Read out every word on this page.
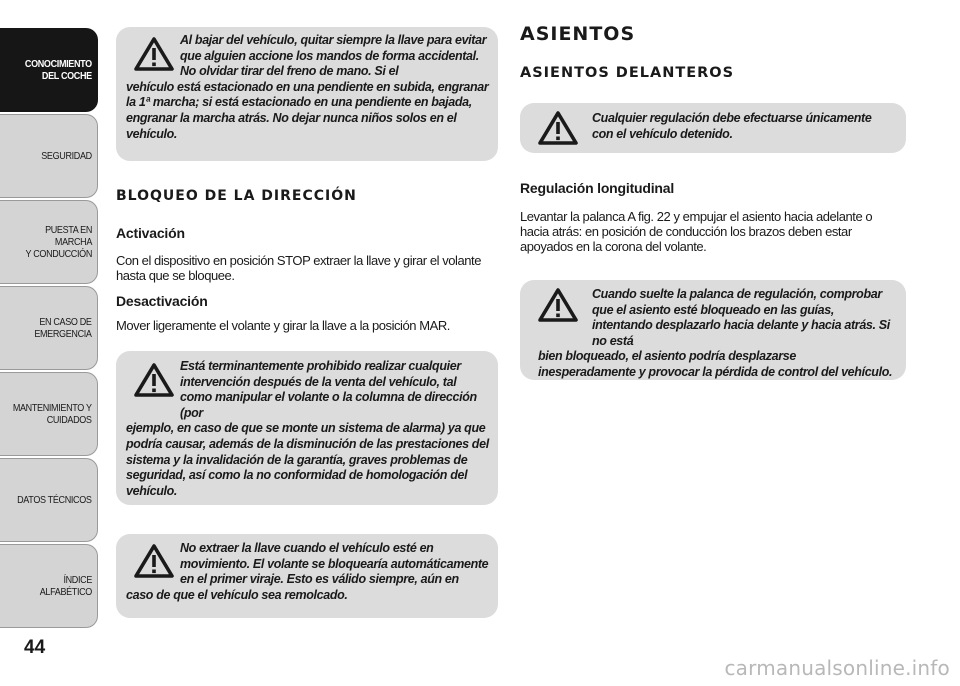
CONOCIMIENTO
DEL COCHE
SEGURIDAD
PUESTA EN MARCHA
Y CONDUCCIÓN
EN CASO DE
EMERGENCIA
MANTENIMIENTO Y
CUIDADOS
DATOS TÉCNICOS
ÍNDICE ALFABÉTICO
44
Al bajar del vehículo, quitar siempre la llave para evitar que alguien accione los mandos de forma accidental. No olvidar tirar del freno de mano. Si el
vehículo está estacionado en una pendiente en subida, engranar la 1ª marcha; si está estacionado en una pendiente en bajada, engranar la marcha atrás. No dejar nunca niños solos en el vehículo.
BLOQUEO DE LA DIRECCIÓN
Activación
Con el dispositivo en posición STOP extraer la llave y girar el volante hasta que se bloquee.
Desactivación
Mover ligeramente el volante y girar la llave a la posición MAR.
Está terminantemente prohibido realizar cualquier intervención después de la venta del vehículo, tal como manipular el volante o la columna de dirección (por
ejemplo, en caso de que se monte un sistema de alarma) ya que podría causar, además de la disminución de las prestaciones del sistema y la invalidación de la garantía, graves problemas de seguridad, así como la no conformidad de homologación del vehículo.
No extraer la llave cuando el vehículo esté en movimiento. El volante se bloquearía automáticamente en el primer viraje. Esto es válido siempre, aún en
caso de que el vehículo sea remolcado.
ASIENTOS
ASIENTOS DELANTEROS
Cualquier regulación debe efectuarse únicamente con el vehículo detenido.
Regulación longitudinal
Levantar la palanca A fig. 22 y empujar el asiento hacia adelante o hacia atrás: en posición de conducción los brazos deben estar apoyados en la corona del volante.
Cuando suelte la palanca de regulación, comprobar que el asiento esté bloqueado en las guías, intentando desplazarlo hacia delante y hacia atrás. Si no está
bien bloqueado, el asiento podría desplazarse inesperadamente y provocar la pérdida de control del vehículo.
carmanualsonline.info
